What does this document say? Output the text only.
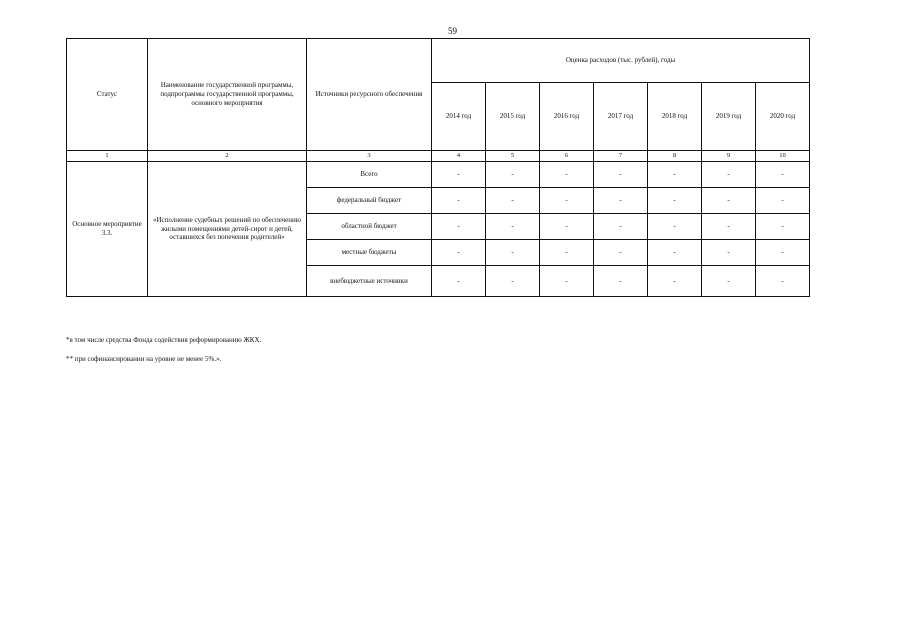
59
Статус	Наименование государственной программы, подпрограммы государственной программы, основного мероприятия	Источники ресурсного обеспечения	Оценка расходов (тыс. рублей), годы						
			2014 год	2015 год	2016 год	2017 год	2018 год	2019 год	2020 год
1	2	3	4	5	6	7	8	9	10
Основное мероприятие 3.3.	«Исполнение судебных решений по обеспечению жилыми помещениями детей-сирот и детей, оставшихся без попечения родителей»	Всего	-	-	-	-	-	-	-
		федеральный бюджет	-	-	-	-	-	-	-
		областной бюджет	-	-	-	-	-	-	-
		местные бюджеты	-	-	-	-	-	-	-
		внебюджетные источники	-	-	-	-	-	-	-
*в том числе средства Фонда содействия реформированию ЖКХ.
** при софинансировании на уровне не менее 5%.».
